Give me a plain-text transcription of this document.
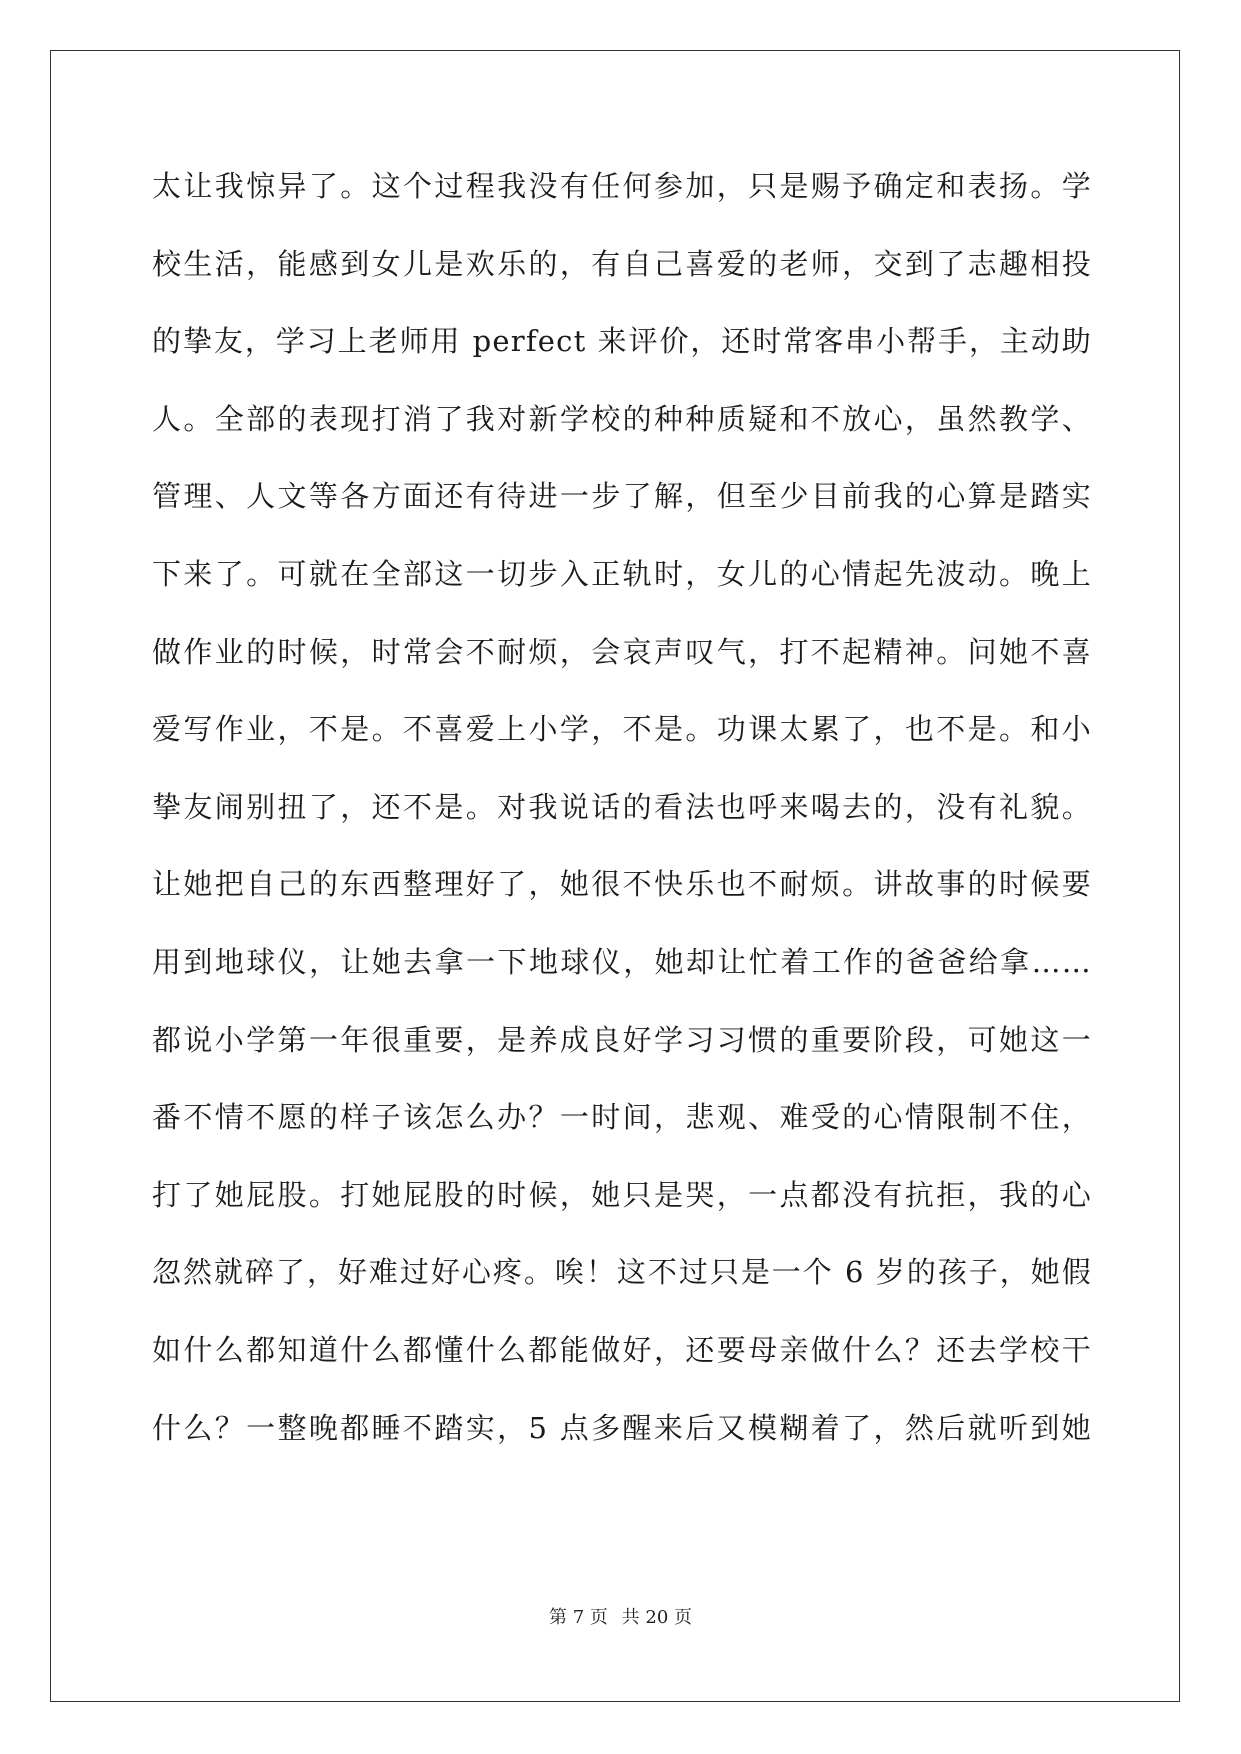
太让我惊异了。这个过程我没有任何参加，只是赐予确定和表扬。学
校生活，能感到女儿是欢乐的，有自己喜爱的老师，交到了志趣相投
的挚友，学习上老师用 perfect 来评价，还时常客串小帮手，主动助
人。全部的表现打消了我对新学校的种种质疑和不放心，虽然教学、
管理、人文等各方面还有待进一步了解，但至少目前我的心算是踏实
下来了。可就在全部这一切步入正轨时，女儿的心情起先波动。晚上
做作业的时候，时常会不耐烦，会哀声叹气，打不起精神。问她不喜
爱写作业，不是。不喜爱上小学，不是。功课太累了，也不是。和小
挚友闹别扭了，还不是。对我说话的看法也呼来喝去的，没有礼貌。
让她把自己的东西整理好了，她很不快乐也不耐烦。讲故事的时候要
用到地球仪，让她去拿一下地球仪，她却让忙着工作的爸爸给拿……
都说小学第一年很重要，是养成良好学习习惯的重要阶段，可她这一
番不情不愿的样子该怎么办？一时间，悲观、难受的心情限制不住，
打了她屁股。打她屁股的时候，她只是哭，一点都没有抗拒，我的心
忽然就碎了，好难过好心疼。唉！这不过只是一个 6 岁的孩子，她假
如什么都知道什么都懂什么都能做好，还要母亲做什么？还去学校干
什么？一整晚都睡不踏实，5 点多醒来后又模糊着了，然后就听到她
第 7 页 共 20 页
